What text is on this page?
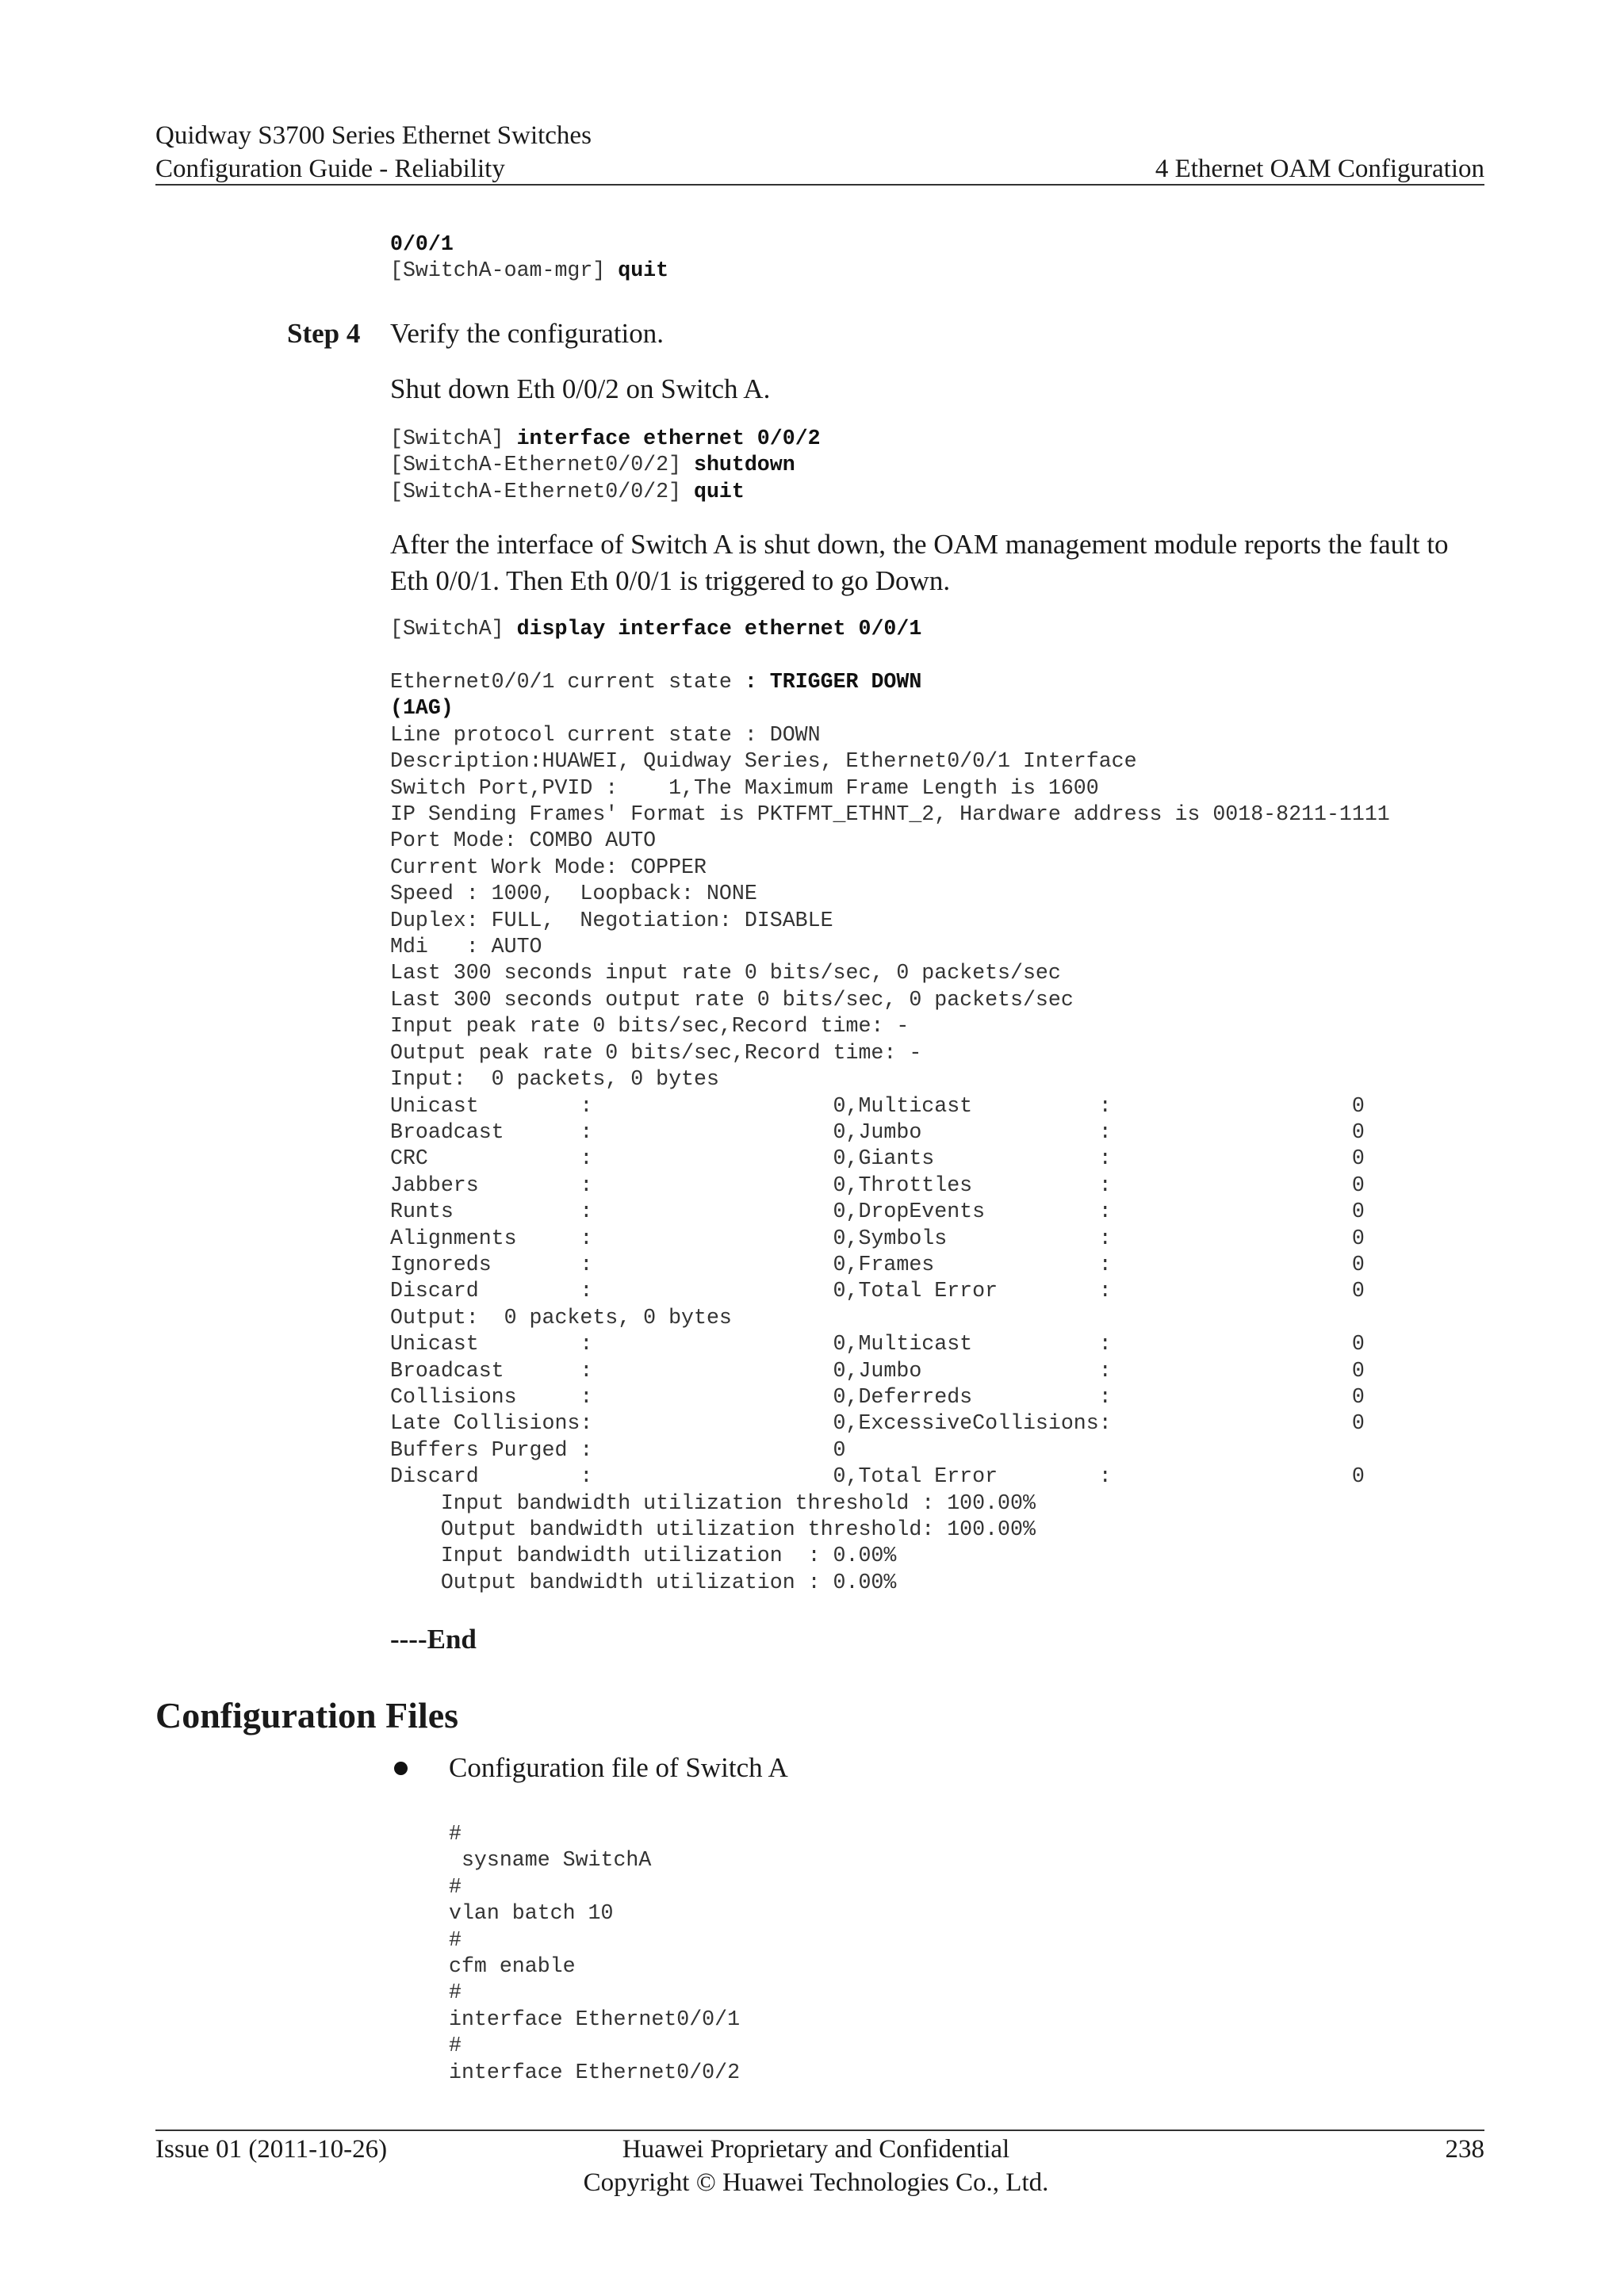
Quidway S3700 Series Ethernet Switches
Configuration Guide - Reliability	4 Ethernet OAM Configuration
0/0/1
[SwitchA-oam-mgr] quit
Step 4 Verify the configuration.
Shut down Eth 0/0/2 on Switch A.
[SwitchA] interface ethernet 0/0/2
[SwitchA-Ethernet0/0/2] shutdown
[SwitchA-Ethernet0/0/2] quit
After the interface of Switch A is shut down, the OAM management module reports the fault to Eth 0/0/1. Then Eth 0/0/1 is triggered to go Down.
[SwitchA] display interface ethernet 0/0/1
Ethernet0/0/1 current state : TRIGGER DOWN
(1AG)
Line protocol current state : DOWN
Description:HUAWEI, Quidway Series, Ethernet0/0/1 Interface
Switch Port,PVID :    1,The Maximum Frame Length is 1600
IP Sending Frames' Format is PKTFMT_ETHNT_2, Hardware address is 0018-8211-1111
Port Mode: COMBO AUTO
Current Work Mode: COPPER
Speed : 1000,  Loopback: NONE
Duplex: FULL,  Negotiation: DISABLE
Mdi   : AUTO
Last 300 seconds input rate 0 bits/sec, 0 packets/sec
Last 300 seconds output rate 0 bits/sec, 0 packets/sec
Input peak rate 0 bits/sec,Record time: -
Output peak rate 0 bits/sec,Record time: -
Input:  0 packets, 0 bytes
Unicast        :                   0,Multicast          :                   0
Broadcast      :                   0,Jumbo              :                   0
CRC            :                   0,Giants             :                   0
Jabbers        :                   0,Throttles          :                   0
Runts          :                   0,DropEvents         :                   0
Alignments     :                   0,Symbols            :                   0
Ignoreds       :                   0,Frames             :                   0
Discard        :                   0,Total Error        :                   0
Output:  0 packets, 0 bytes
Unicast        :                   0,Multicast          :                   0
Broadcast      :                   0,Jumbo              :                   0
Collisions     :                   0,Deferreds          :                   0
Late Collisions:                   0,ExcessiveCollisions:                   0
Buffers Purged :                   0
Discard        :                   0,Total Error        :                   0
Input bandwidth utilization threshold : 100.00%
Output bandwidth utilization threshold: 100.00%
Input bandwidth utilization  : 0.00%
Output bandwidth utilization : 0.00%
----End
Configuration Files
Configuration file of Switch A
#
sysname SwitchA
#
vlan batch 10
#
cfm enable
#
interface Ethernet0/0/1
#
interface Ethernet0/0/2
Issue 01 (2011-10-26)	Huawei Proprietary and Confidential
Copyright © Huawei Technologies Co., Ltd.
238
